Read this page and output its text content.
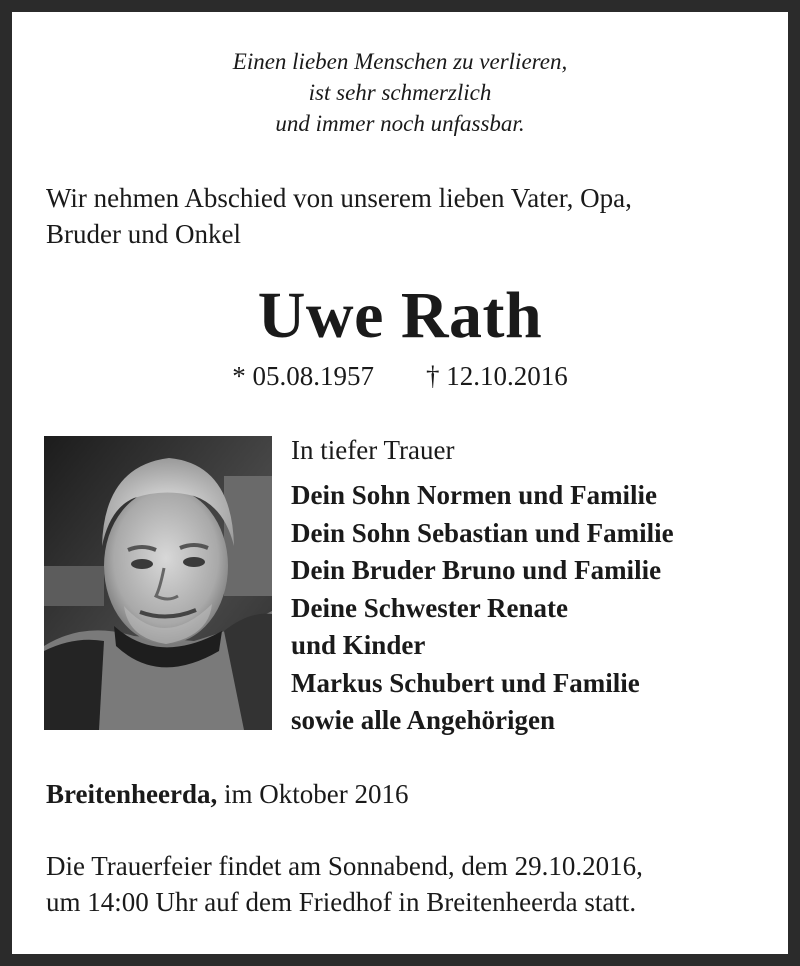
Einen lieben Menschen zu verlieren,
ist sehr schmerzlich
und immer noch unfassbar.
Wir nehmen Abschied von unserem lieben Vater, Opa,
Bruder und Onkel
Uwe Rath
* 05.08.1957 † 12.10.2016
In tiefer Trauer
Dein Sohn Normen und Familie
Dein Sohn Sebastian und Familie
Dein Bruder Bruno und Familie
Deine Schwester Renate
und Kinder
Markus Schubert und Familie
sowie alle Angehörigen
Breitenheerda, im Oktober 2016
Die Trauerfeier findet am Sonnabend, dem 29.10.2016,
um 14:00 Uhr auf dem Friedhof in Breitenheerda statt.
